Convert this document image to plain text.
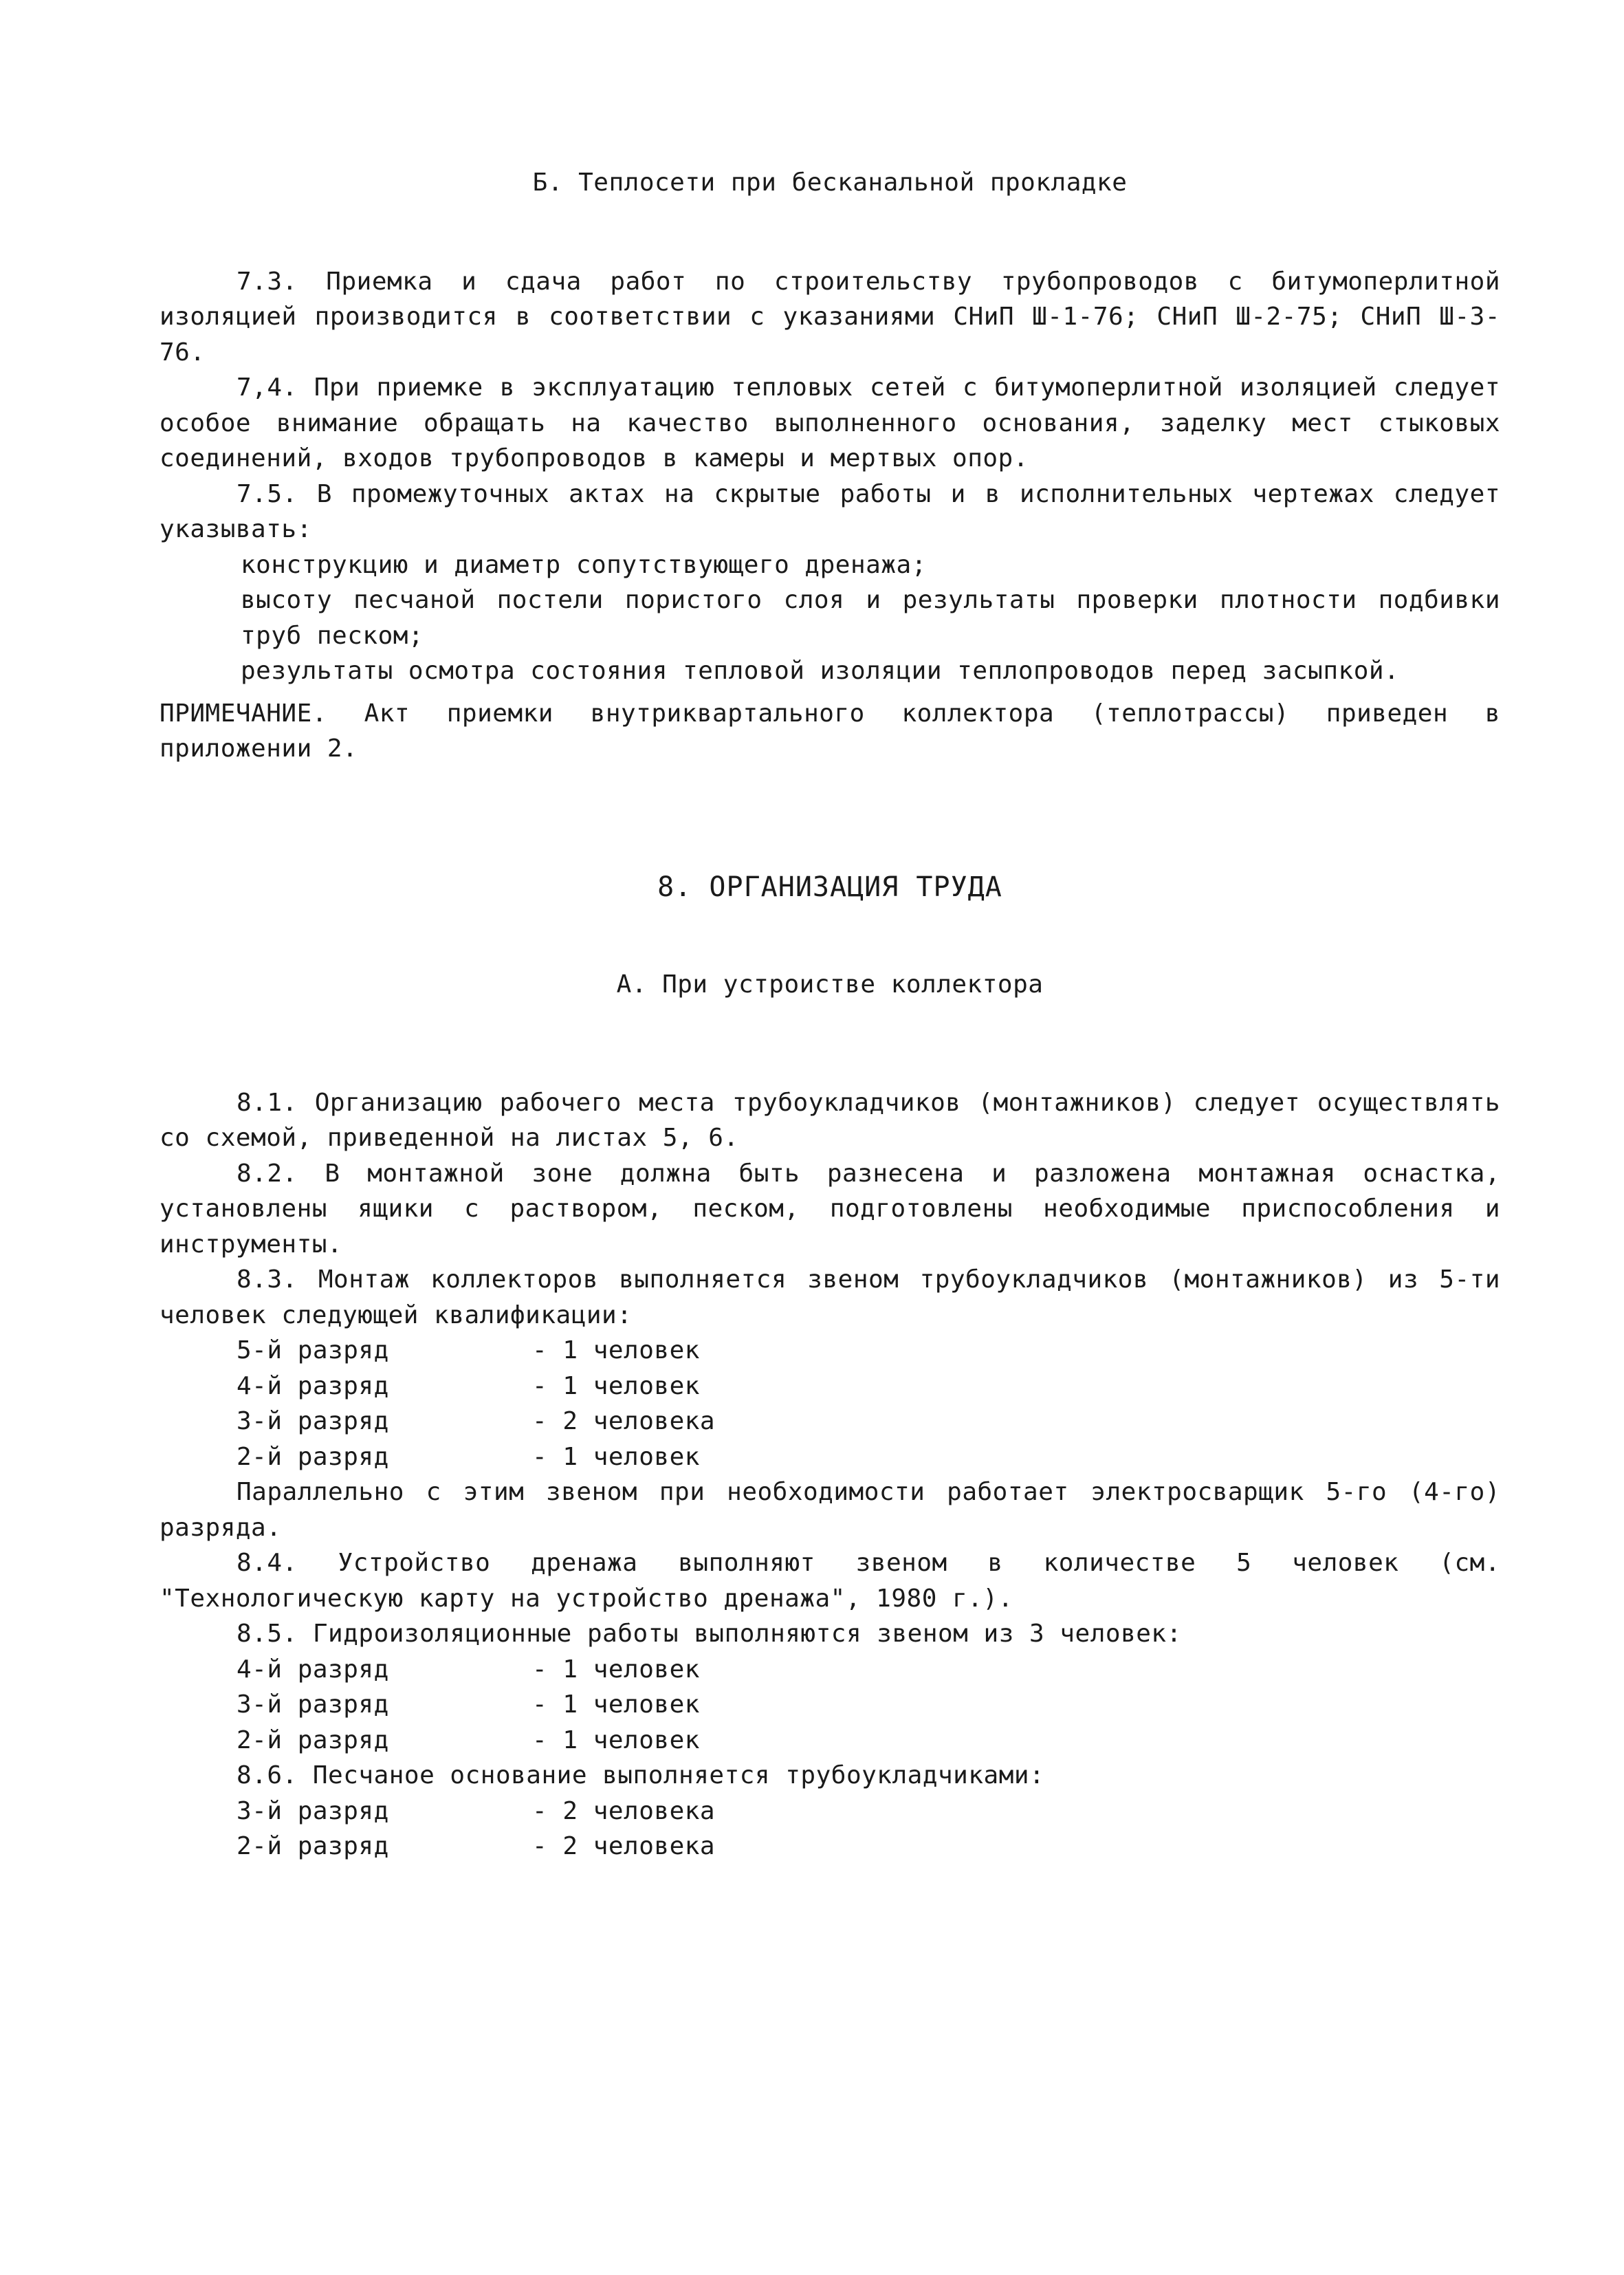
Б. Теплосети при бесканальной прокладке

7.3. Приемка и сдача работ по строительству трубопроводов с битумоперлитной изоляцией производится в соответствии с указаниями СНиП Ш-1-76; СНиП Ш-2-75; СНиП Ш-3-76.

7,4. При приемке в эксплуатацию тепловых сетей с битумоперлитной изоляцией следует особое внимание обращать на качество выполненного основания, заделку мест стыковых соединений, входов трубопроводов в камеры и мертвых опор.

7.5. В промежуточных актах на скрытые работы и в исполнительных чертежах следует указывать:

конструкцию и диаметр сопутствующего дренажа;

высоту песчаной постели пористого слоя и результаты проверки плотности подбивки труб песком;

результаты осмотра состояния тепловой изоляции теплопроводов перед засыпкой.

ПРИМЕЧАНИЕ. Акт приемки внутриквартального коллектора (теплотрассы) приведен в приложении 2.

8. ОРГАНИЗАЦИЯ ТРУДА
А. При устроистве коллектора

8.1. Организацию рабочего места трубоукладчиков (монтажников) следует осуществлять со схемой, приведенной на листах 5, 6.

8.2. В монтажной зоне должна быть разнесена и разложена монтажная оснастка, установлены ящики с раствором, песком, подготовлены необходимые приспособления и инструменты.

8.3. Монтаж коллекторов выполняется звеном трубоукладчиков (монтажников) из 5-ти человек следующей квалификации:

5-й разряд	- 1 человек
4-й разряд	- 1 человек
3-й разряд	- 2 человека
2-й разряд	- 1 человек

Параллельно с этим звеном при необходимости работает электросварщик 5-го (4-го) разряда.

8.4. Устройство дренажа выполняют звеном в количестве 5 человек (см. "Технологическую карту на устройство дренажа", 1980 г.).

8.5. Гидроизоляционные работы выполняются звеном из 3 человек:

4-й разряд	- 1 человек
3-й разряд	- 1 человек
2-й разряд	- 1 человек

8.6. Песчаное основание выполняется трубоукладчиками:

3-й разряд	- 2 человека
2-й разряд	- 2 человека
